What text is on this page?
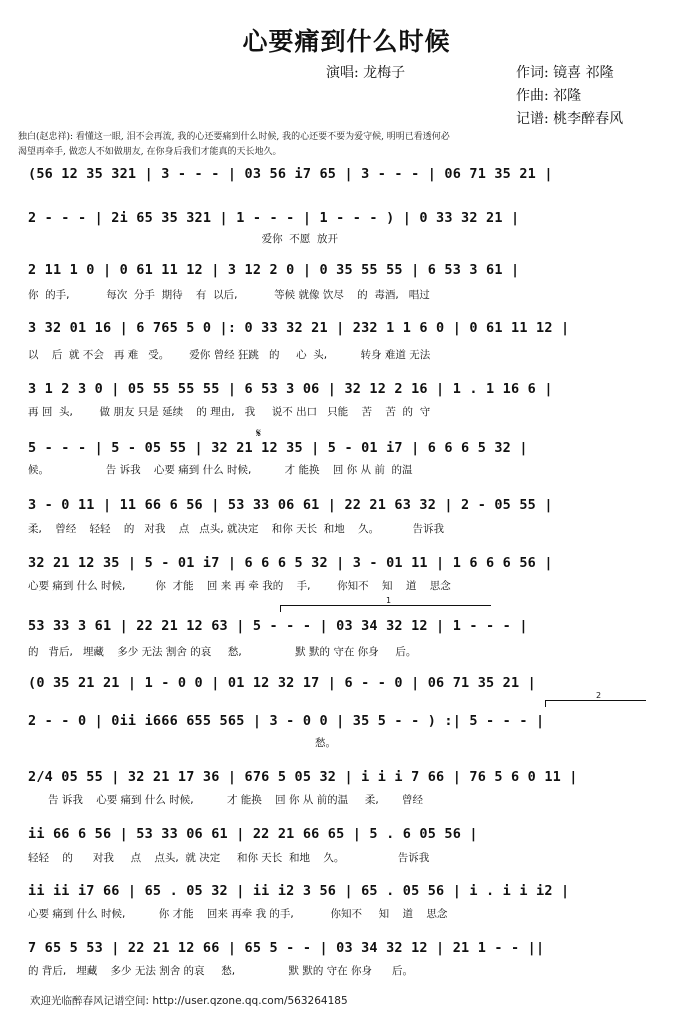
心要痛到什么时候
演唱: 龙梅子	作词: 镜喜 祁隆
作曲: 祁隆
记谱: 桃李醉春风
独白(赵忠祥): 看懂这一眼, 泪不会再流, 我的心还要痛到什么时候, 我的心还要不要为爱守候, 明明已看透何必
渴望再牵手, 做恋人不如做朋友, 在你身后我们才能真的天长地久。
(56 12 35 321 | 3 - - - | 03 56 i7 65 | 3 - - - | 06 71 35 21 |
2 - - - | 2i 65 35 321 | 1 - - - | 1 - - - ) | 0 33 32 21 |
爱你  不愿  放开
2 11 1 0 | 0 61 11 12 | 3 12 2 0 | 0 35 55 55 | 6 53 3 61 |
你  的手,           每次  分手  期待    有  以后,           等候 就像 饮尽    的  毒酒,   唱过
3 32 01 16 | 6 765 5 0 |: 0 33 32 21 | 232 1 1 6 0 | 0 61 11 12 |
以    后  就 不会   再 难   受。      爱你 曾经 狂跳   的     心  头,          转身 难道 无法
3 1 2 3 0 | 05 55 55 55 | 6 53 3 06 | 32 12 2 16 | 1 . 1 16 6 |
再 回  头,        做 朋友 只是 延续    的 理由,   我     说不 出口   只能    苦    苦  的  守
5 - - - | 5 - 05 55 | 32 21 12 35 | 5 - 01 i7 | 6 6 6 5 32 |
候。                 告 诉我    心要 痛到 什么 时候,          才 能换    回 你 从 前  的温
3 - 0 11 | 11 66 6 56 | 53 33 06 61 | 22 21 63 32 | 2 - 05 55 |
柔,    曾经    轻轻    的   对我    点   点头, 就决定    和你 天长  和地    久。          告诉我
32 21 12 35 | 5 - 01 i7 | 6 6 6 5 32 | 3 - 01 11 | 1 6 6 6 56 |
心要 痛到 什么 时候,         你  才能    回 来 再 牵 我的    手,        你知不    知    道    思念
53 33 3 61 | 22 21 12 63 | 5 - - - | 03 34 32 12 | 1 - - - |
的   背后,   埋藏    多少 无法 割舍 的哀     愁,                默 默的 守在 你身     后。
(0 35 21 21 | 1 - 0 0 | 01 12 32 17 | 6 - - 0 | 06 71 35 21 |
2 - - 0 | 0ii i666 655 565 | 3 - 0 0 | 35 5 - - ) :| 5 - - - |
愁。
2/4 05 55 | 32 21 17 36 | 676 5 05 32 | i i i 7 66 | 76 5 6 0 11 |
告 诉我    心要 痛到 什么 时候,          才 能换    回 你 从 前的温     柔,       曾经
ii 66 6 56 | 53 33 06 61 | 22 21 66 65 | 5 . 6 05 56 |
轻轻    的      对我     点    点头,  就 决定     和你 天长  和地    久。                告诉我
ii ii i7 66 | 65 . 05 32 | ii i2 3 56 | 65 . 05 56 | i . i i i2 |
心要 痛到 什么 时候,          你 才能    回来 再牵 我 的手,           你知不     知    道    思念
7 65 5 53 | 22 21 12 66 | 65 5 - - | 03 34 32 12 | 21 1 - - ||
的 背后,   埋藏    多少 无法 割舍 的哀     愁,                默 默的 守在 你身      后。
𝄋
1
2
欢迎光临醉春风记谱空间: http://user.qzone.qq.com/563264185
